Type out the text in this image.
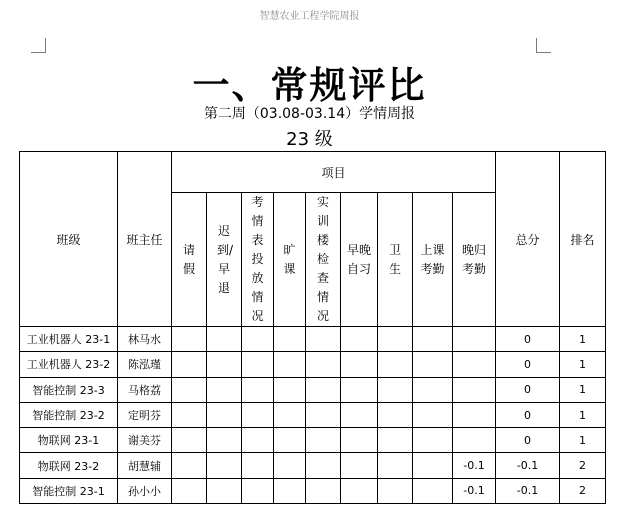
智慧农业工程学院周报
一、常规评比
第二周（03.08-03.14）学情周报
23 级
班级	班主任	项目									总分	排名
		请假	迟到/早退	考情表投放情况	旷课	实训楼检查情况	早晚自习	卫生	上课考勤	晚归考勤		
工业机器人 23-1	林马水										0	1
工业机器人 23-2	陈泓瑾										0	1
智能控制 23-3	马格荔										0	1
智能控制 23-2	定明芬										0	1
物联网 23-1	谢美芬										0	1
物联网 23-2	胡慧辅									-0.1	-0.1	2
智能控制 23-1	孙小小									-0.1	-0.1	2
